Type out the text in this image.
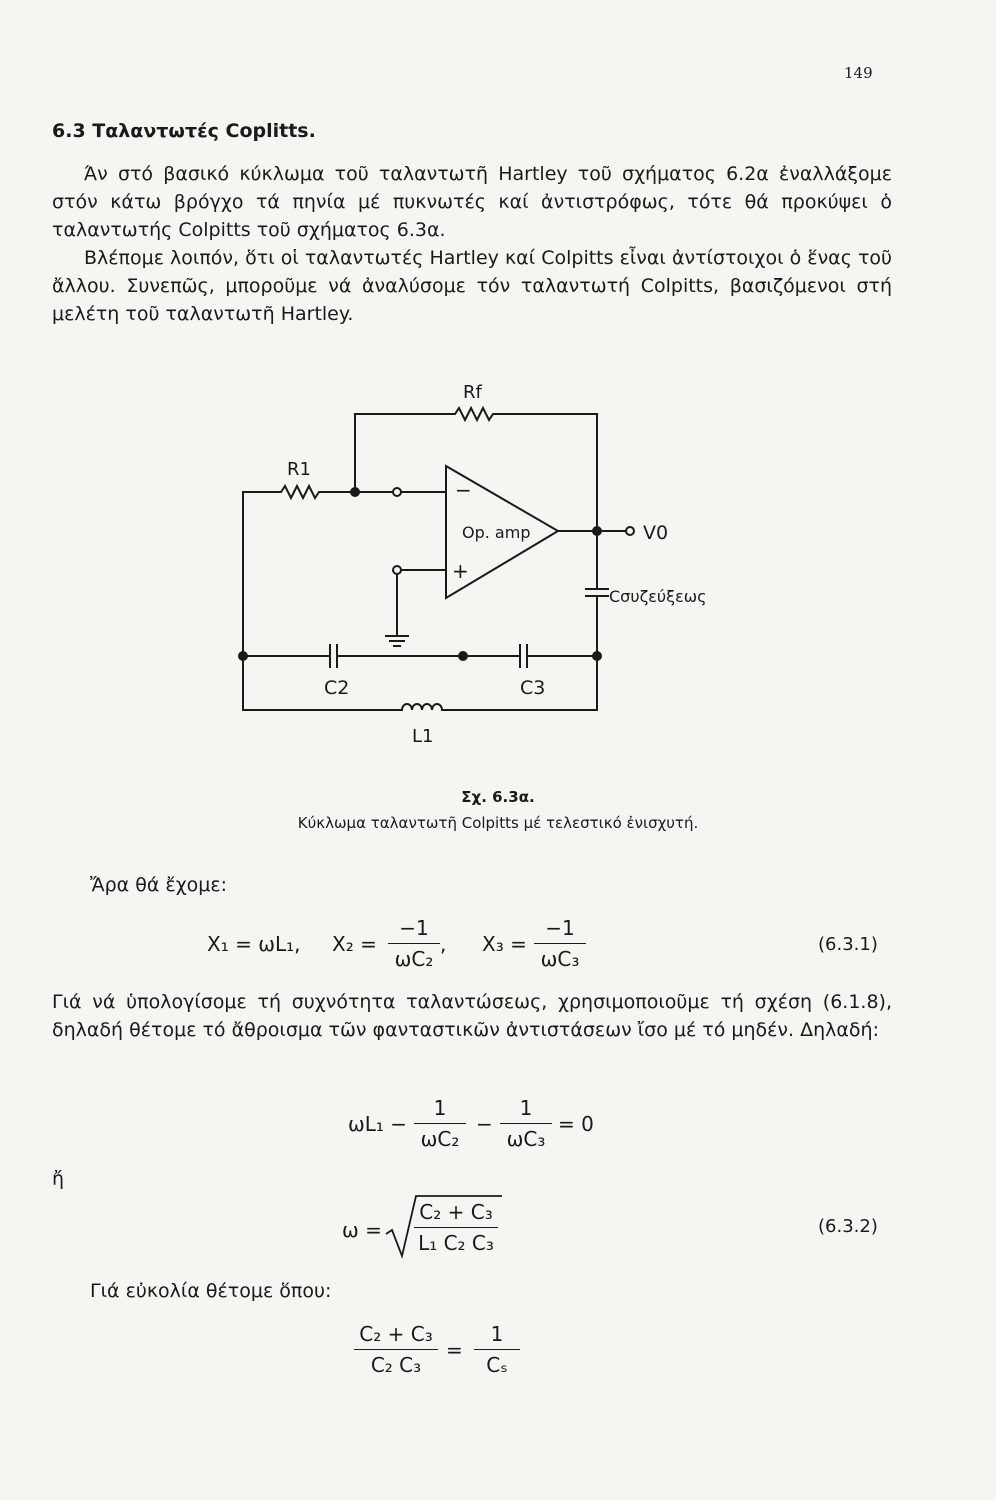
149
6.3 Ταλαντωτές Coplitts.

Άν στό βασικό κύκλωμα τοῦ ταλαντωτῆ Hartley τοῦ σχήματος 6.2α ἐναλλάξομε στόν κάτω βρόγχο τά πηνία μέ πυκνωτές καί ἀντιστρόφως, τότε θά προκύψει ὁ ταλαντωτής Colpitts τοῦ σχήματος 6.3α.

Βλέπομε λοιπόν, ὅτι οἱ ταλαντωτές Hartley καί Colpitts εἶναι ἀντίστοιχοι ὁ ἕνας τοῦ ἄλλου. Συνεπῶς, μποροῦμε νά ἀναλύσομε τόν ταλαντωτή Colpitts, βασιζόμενοι στή μελέτη τοῦ ταλαντωτῆ Hartley.

Rf
R1
−
+
Op. amp	V0
Cσυζεύξεως
C2	C3
L1
Σχ. 6.3α.
Κύκλωμα ταλαντωτῆ Colpitts μέ τελεστικό ἐνισχυτή.
Ἄρα θά ἔχομε:
X₁ = ωL₁, $X_2 = \frac{-1}{\text{ωC₂}}$ , $X_3 = \frac{-1}{\text{ωC₃}}$	(6.3.1)

Γιά νά ὑπολογίσομε τή συχνότητα ταλαντώσεως, χρησιμοποιοῦμε τή σχέση (6.1.8), δηλαδή θέτομε τό ἄθροισμα τῶν φανταστικῶν ἀντιστάσεων ἴσο μέ τό μηδέν. Δηλαδή:

$\omega L_1 - \frac{1}{\text{ωC₂}} - \frac{1}{\text{ωC₃}} = 0$
ἤ
$\omega = \frac{\text{C₂ + C₃}}{\text{L₁ C₂ C₃}}$	(6.3.2)
Γιά εὐκολία θέτομε ὅπου:
$\frac{\text{C₂ + C₃}}{\text{C₂ C₃}} = \frac{1}{\text{Cₛ}}$
